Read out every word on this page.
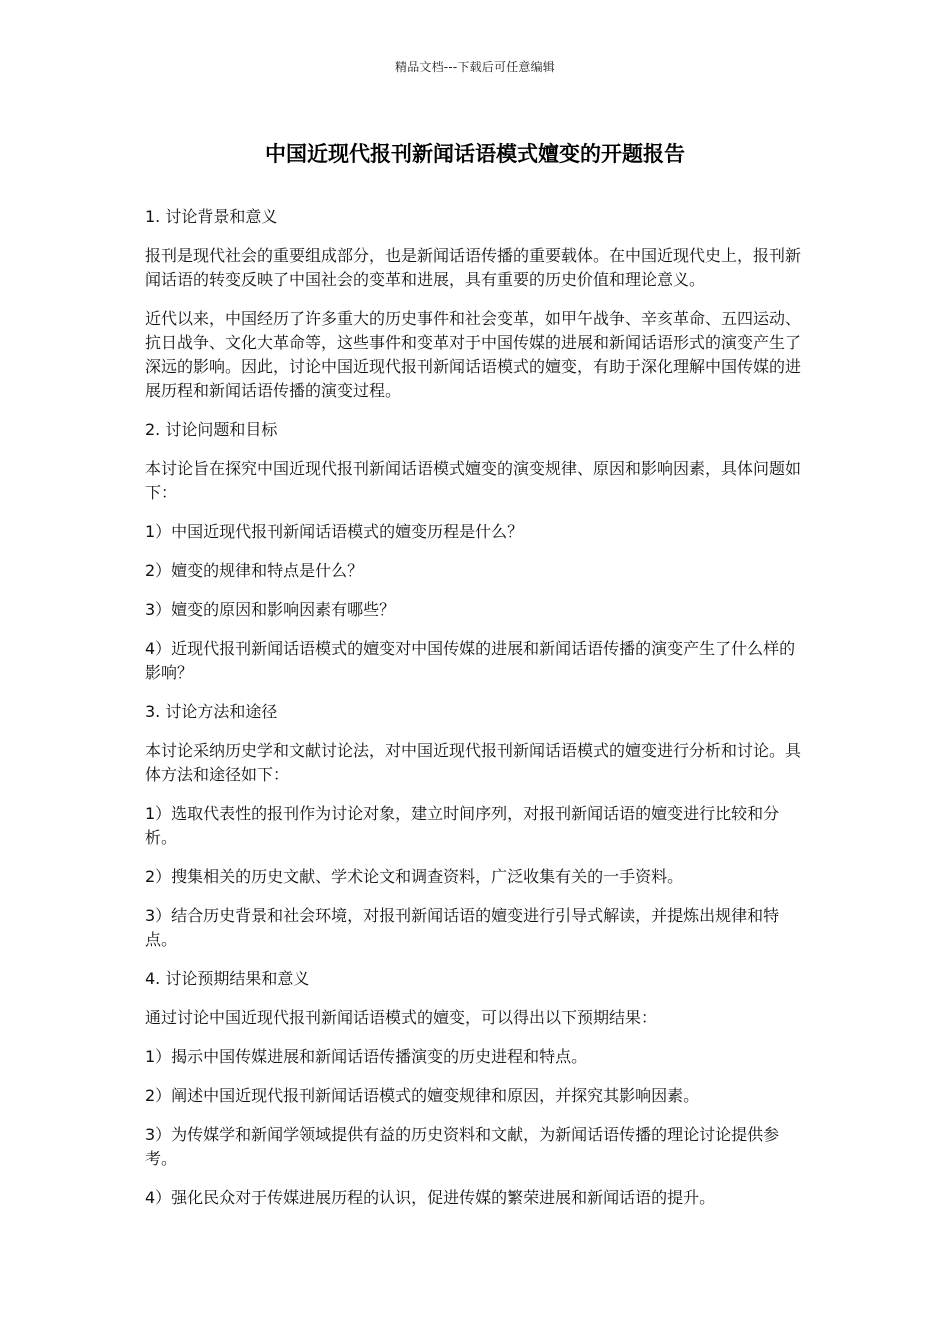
精品文档---下载后可任意编辑
中国近现代报刊新闻话语模式嬗变的开题报告

1. 讨论背景和意义

报刊是现代社会的重要组成部分，也是新闻话语传播的重要载体。在中国近现代史上，报刊新闻话语的转变反映了中国社会的变革和进展，具有重要的历史价值和理论意义。

近代以来，中国经历了许多重大的历史事件和社会变革，如甲午战争、辛亥革命、五四运动、抗日战争、文化大革命等，这些事件和变革对于中国传媒的进展和新闻话语形式的演变产生了深远的影响。因此，讨论中国近现代报刊新闻话语模式的嬗变，有助于深化理解中国传媒的进展历程和新闻话语传播的演变过程。

2. 讨论问题和目标

本讨论旨在探究中国近现代报刊新闻话语模式嬗变的演变规律、原因和影响因素，具体问题如下：

1）中国近现代报刊新闻话语模式的嬗变历程是什么？

2）嬗变的规律和特点是什么？

3）嬗变的原因和影响因素有哪些？

4）近现代报刊新闻话语模式的嬗变对中国传媒的进展和新闻话语传播的演变产生了什么样的影响？

3. 讨论方法和途径

本讨论采纳历史学和文献讨论法，对中国近现代报刊新闻话语模式的嬗变进行分析和讨论。具体方法和途径如下：

1）选取代表性的报刊作为讨论对象，建立时间序列，对报刊新闻话语的嬗变进行比较和分析。

2）搜集相关的历史文献、学术论文和调查资料，广泛收集有关的一手资料。

3）结合历史背景和社会环境，对报刊新闻话语的嬗变进行引导式解读，并提炼出规律和特点。

4. 讨论预期结果和意义

通过讨论中国近现代报刊新闻话语模式的嬗变，可以得出以下预期结果：

1）揭示中国传媒进展和新闻话语传播演变的历史进程和特点。

2）阐述中国近现代报刊新闻话语模式的嬗变规律和原因，并探究其影响因素。

3）为传媒学和新闻学领域提供有益的历史资料和文献，为新闻话语传播的理论讨论提供参考。

4）强化民众对于传媒进展历程的认识，促进传媒的繁荣进展和新闻话语的提升。
